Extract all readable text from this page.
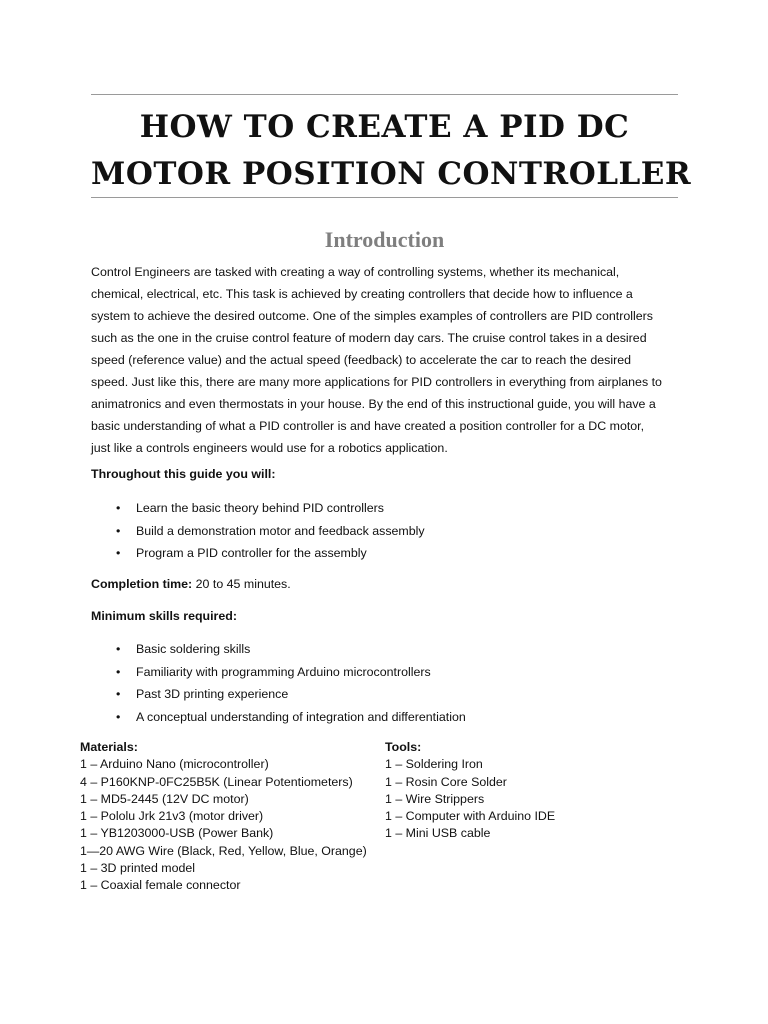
HOW TO CREATE A PID DC
MOTOR POSITION CONTROLLER
Introduction
Control Engineers are tasked with creating a way of controlling systems, whether its mechanical,
chemical, electrical, etc. This task is achieved by creating controllers that decide how to influence a
system to achieve the desired outcome. One of the simples examples of controllers are PID controllers
such as the one in the cruise control feature of modern day cars. The cruise control takes in a desired
speed (reference value) and the actual speed (feedback) to accelerate the car to reach the desired
speed. Just like this, there are many more applications for PID controllers in everything from airplanes to
animatronics and even thermostats in your house. By the end of this instructional guide, you will have a
basic understanding of what a PID controller is and have created a position controller for a DC motor,
just like a controls engineers would use for a robotics application.

Throughout this guide you will:

• Learn the basic theory behind PID controllers
• Build a demonstration motor and feedback assembly
• Program a PID controller for the assembly

Completion time: 20 to 45 minutes.

Minimum skills required:

• Basic soldering skills
• Familiarity with programming Arduino microcontrollers
• Past 3D printing experience
• A conceptual understanding of integration and differentiation
Materials:
1 – Arduino Nano (microcontroller)
4 – P160KNP-0FC25B5K (Linear Potentiometers)
1 – MD5-2445 (12V DC motor)
1 – Pololu Jrk 21v3 (motor driver)
1 – YB1203000-USB (Power Bank)
1—20 AWG Wire (Black, Red, Yellow, Blue, Orange)
1 – 3D printed model
1 – Coaxial female connector
Tools:
1 – Soldering Iron
1 – Rosin Core Solder
1 – Wire Strippers
1 – Computer with Arduino IDE
1 – Mini USB cable
